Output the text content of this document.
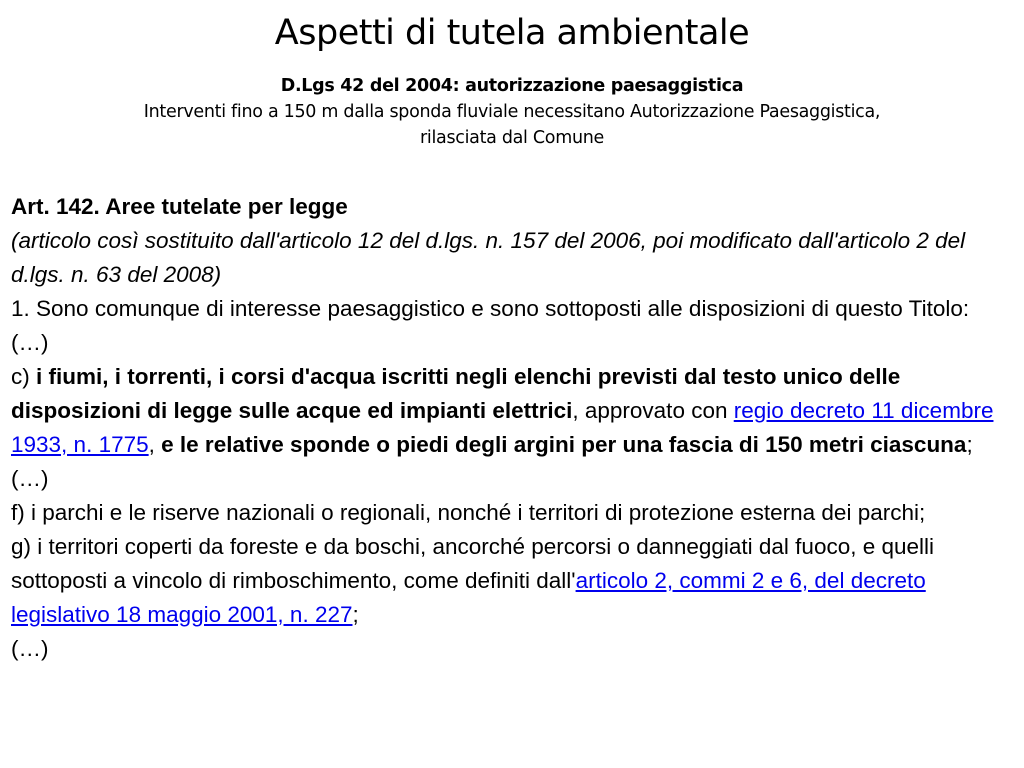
Aspetti di tutela ambientale
D.Lgs 42 del 2004: autorizzazione paesaggistica
Interventi fino a 150 m dalla sponda fluviale necessitano Autorizzazione Paesaggistica,
rilasciata dal Comune

Art. 142. Aree tutelate per legge

(articolo così sostituito dall'articolo 12 del d.lgs. n. 157 del 2006, poi modificato dall'articolo 2 del d.lgs. n. 63 del 2008)

1. Sono comunque di interesse paesaggistico e sono sottoposti alle disposizioni di questo Titolo:

(…)

c) i fiumi, i torrenti, i corsi d'acqua iscritti negli elenchi previsti dal testo unico delle disposizioni di legge sulle acque ed impianti elettrici, approvato con regio decreto 11 dicembre 1933, n. 1775, e le relative sponde o piedi degli argini per una fascia di 150 metri ciascuna;

(…)

f) i parchi e le riserve nazionali o regionali, nonché i territori di protezione esterna dei parchi;

g) i territori coperti da foreste e da boschi, ancorché percorsi o danneggiati dal fuoco, e quelli sottoposti a vincolo di rimboschimento, come definiti dall'articolo 2, commi 2 e 6, del decreto legislativo 18 maggio 2001, n. 227;

(…)
